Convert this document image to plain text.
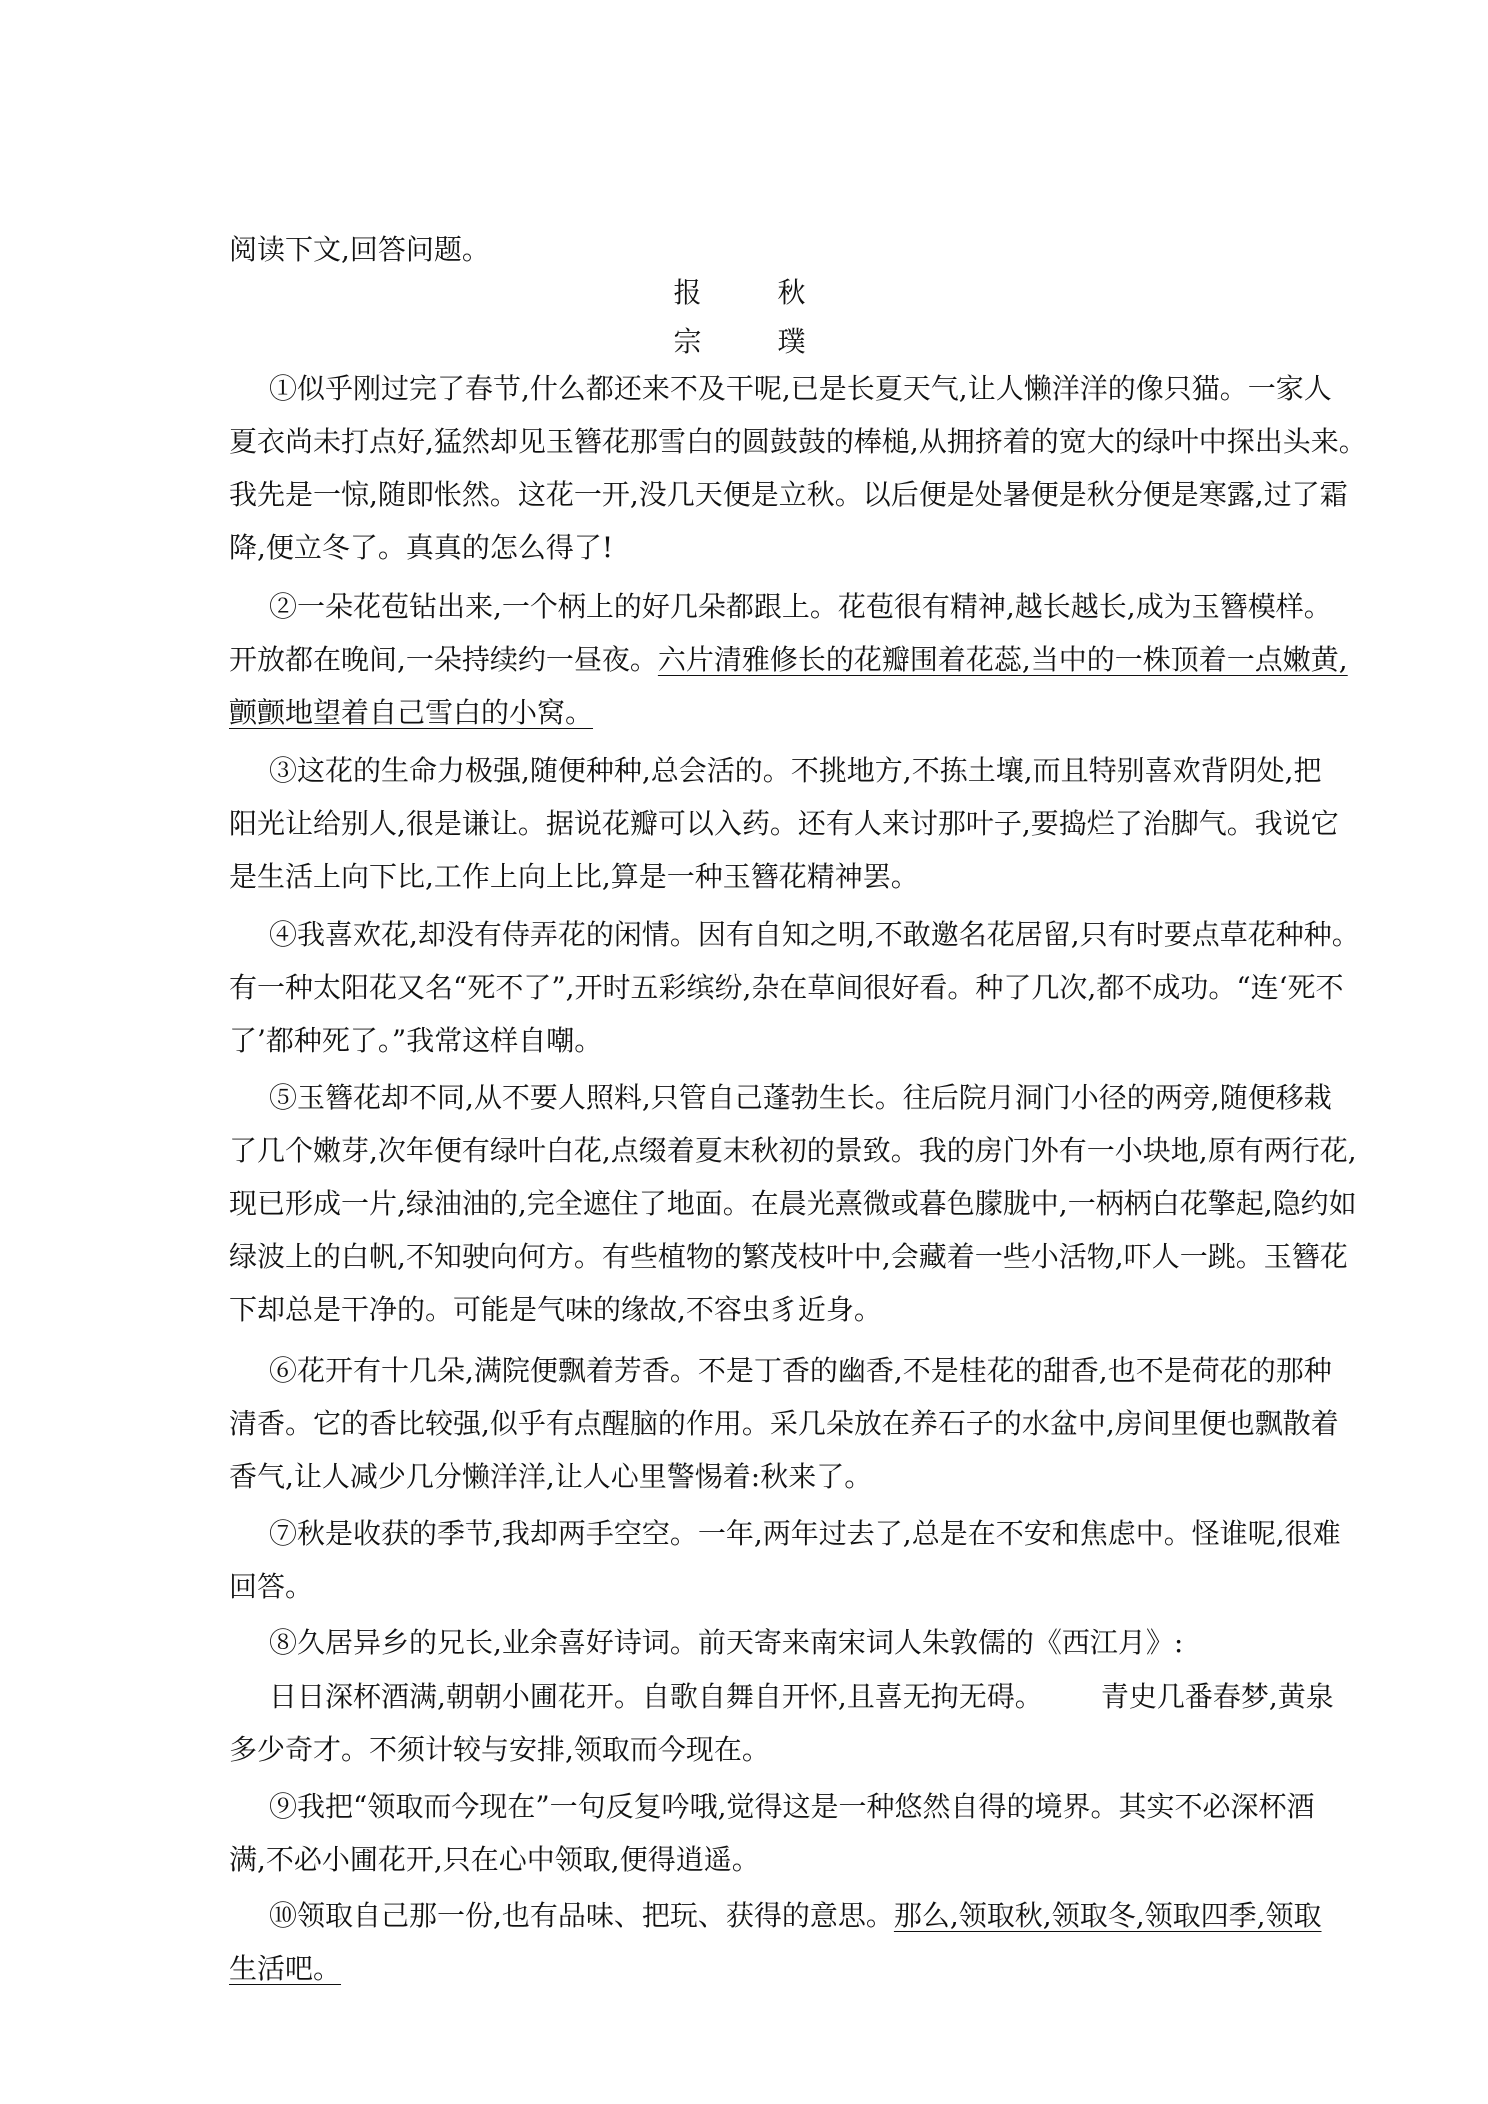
阅读下文,回答问题。

报　秋

宗　璞

①似乎刚过完了春节,什么都还来不及干呢,已是长夏天气,让人懒洋洋的像只猫。一家人

夏衣尚未打点好,猛然却见玉簪花那雪白的圆鼓鼓的棒槌,从拥挤着的宽大的绿叶中探出头来。

我先是一惊,随即怅然。这花一开,没几天便是立秋。以后便是处暑便是秋分便是寒露,过了霜

降,便立冬了。真真的怎么得了!

②一朵花苞钻出来,一个柄上的好几朵都跟上。花苞很有精神,越长越长,成为玉簪模样。

开放都在晚间,一朵持续约一昼夜。六片清雅修长的花瓣围着花蕊,当中的一株顶着一点嫩黄,

颤颤地望着自己雪白的小窝。

③这花的生命力极强,随便种种,总会活的。不挑地方,不拣土壤,而且特别喜欢背阴处,把

阳光让给别人,很是谦让。据说花瓣可以入药。还有人来讨那叶子,要捣烂了治脚气。我说它

是生活上向下比,工作上向上比,算是一种玉簪花精神罢。

④我喜欢花,却没有侍弄花的闲情。因有自知之明,不敢邀名花居留,只有时要点草花种种。

有一种太阳花又名“死不了”,开时五彩缤纷,杂在草间很好看。种了几次,都不成功。“连‘死不

了’都种死了。”我常这样自嘲。

⑤玉簪花却不同,从不要人照料,只管自己蓬勃生长。往后院月洞门小径的两旁,随便移栽

了几个嫩芽,次年便有绿叶白花,点缀着夏末秋初的景致。我的房门外有一小块地,原有两行花,

现已形成一片,绿油油的,完全遮住了地面。在晨光熹微或暮色朦胧中,一柄柄白花擎起,隐约如

绿波上的白帆,不知驶向何方。有些植物的繁茂枝叶中,会藏着一些小活物,吓人一跳。玉簪花

下却总是干净的。可能是气味的缘故,不容虫豸近身。

⑥花开有十几朵,满院便飘着芳香。不是丁香的幽香,不是桂花的甜香,也不是荷花的那种

清香。它的香比较强,似乎有点醒脑的作用。采几朵放在养石子的水盆中,房间里便也飘散着

香气,让人减少几分懒洋洋,让人心里警惕着:秋来了。

⑦秋是收获的季节,我却两手空空。一年,两年过去了,总是在不安和焦虑中。怪谁呢,很难

回答。

⑧久居异乡的兄长,业余喜好诗词。前天寄来南宋词人朱敦儒的《西江月》:

日日深杯酒满,朝朝小圃花开。自歌自舞自开怀,且喜无拘无碍。 青史几番春梦,黄泉

多少奇才。不须计较与安排,领取而今现在。

⑨我把“领取而今现在”一句反复吟哦,觉得这是一种悠然自得的境界。其实不必深杯酒

满,不必小圃花开,只在心中领取,便得逍遥。

⑩领取自己那一份,也有品味、把玩、获得的意思。那么,领取秋,领取冬,领取四季,领取

生活吧。
